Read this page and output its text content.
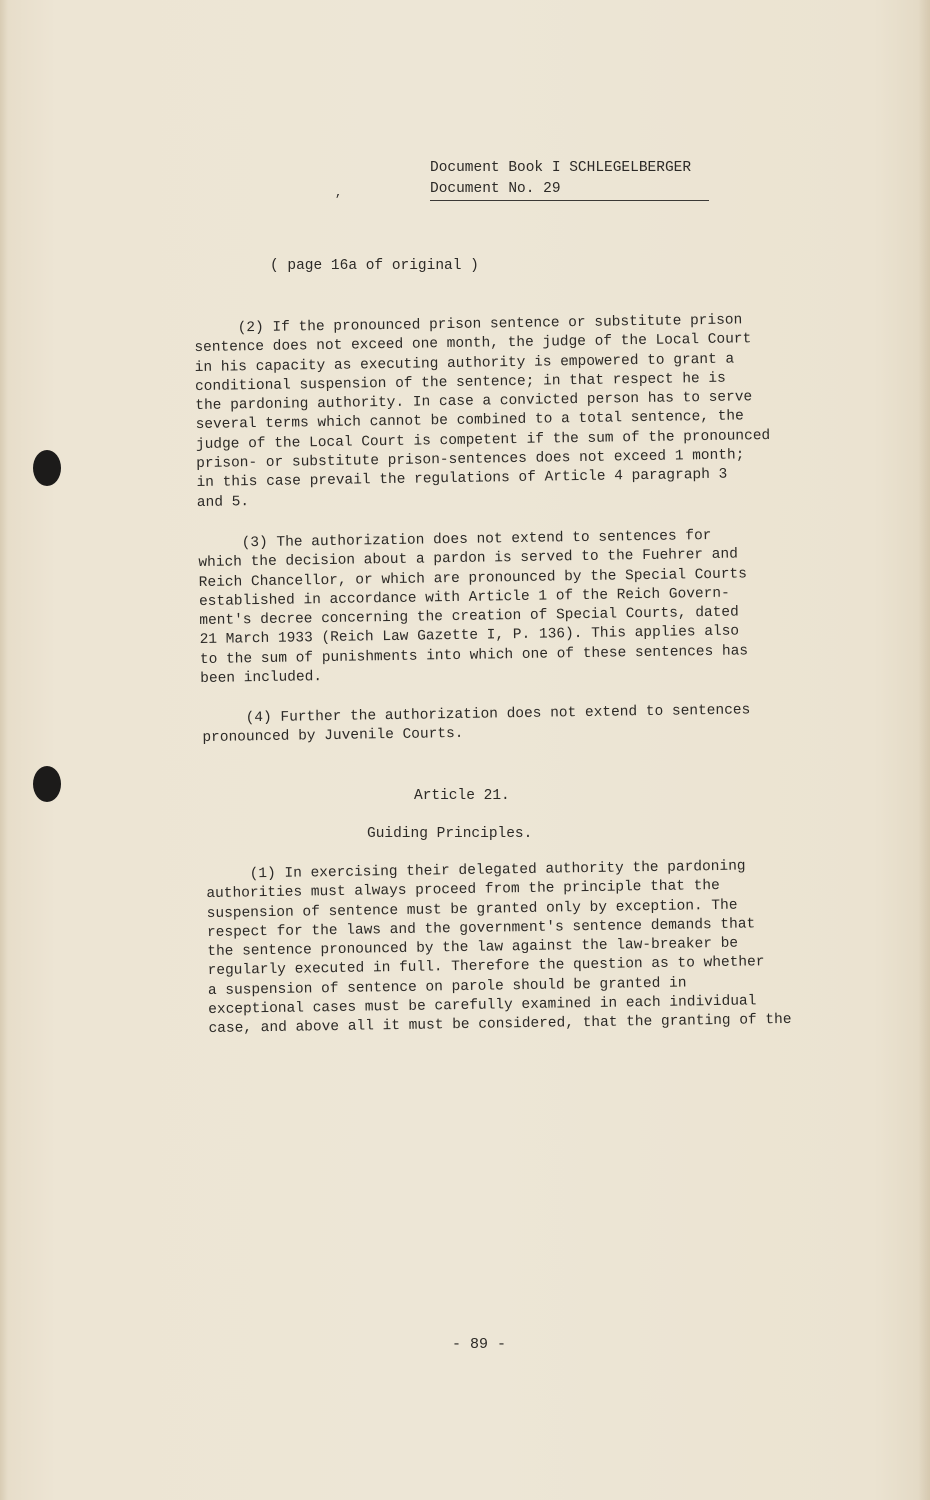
Document Book I SCHLEGELBERGER
Document No. 29
,
( page 16a of original )
(2) If the pronounced prison sentence or substitute prison
sentence does not exceed one month, the judge of the Local Court
in his capacity as executing authority is empowered to grant a
conditional suspension of the sentence; in that respect he is
the pardoning authority. In case a convicted person has to serve
several terms which cannot be combined to a total sentence, the
judge of the Local Court is competent if the sum of the pronounced
prison- or substitute prison-sentences does not exceed 1 month;
in this case prevail the regulations of Article 4 paragraph 3
and 5.
(3) The authorization does not extend to sentences for
which the decision about a pardon is served to the Fuehrer and
Reich Chancellor, or which are pronounced by the Special Courts
established in accordance with Article 1 of the Reich Govern-
ment's decree concerning the creation of Special Courts, dated
21 March 1933 (Reich Law Gazette I, P. 136). This applies also
to the sum of punishments into which one of these sentences has
been included.
(4) Further the authorization does not extend to sentences
pronounced by Juvenile Courts.
Article 21.
Guiding Principles.
(1) In exercising their delegated authority the pardoning
authorities must always proceed from the principle that the
suspension of sentence must be granted only by exception. The
respect for the laws and the government's sentence demands that
the sentence pronounced by the law against the law-breaker be
regularly executed in full. Therefore the question as to whether
a suspension of sentence on parole should be granted in
exceptional cases must be carefully examined in each individual
case, and above all it must be considered, that the granting of the
- 89 -
